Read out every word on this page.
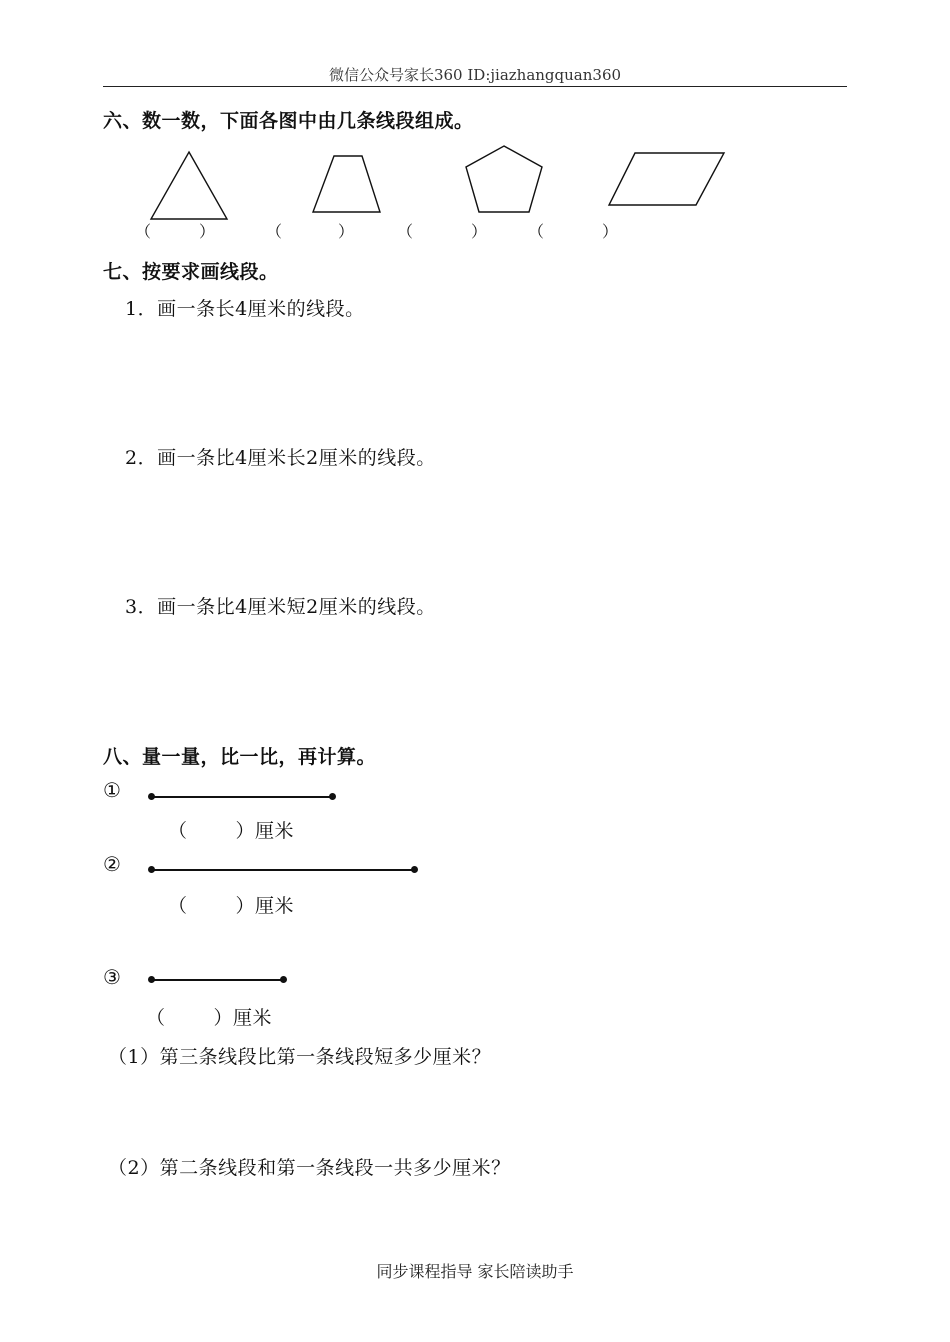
微信公众号家长360 ID:jiazhangquan360
六、数一数，下面各图中由几条线段组成。
（	）	（	）	（	）	（	）
七、按要求画线段。
1．画一条长4厘米的线段。
2．画一条比4厘米长2厘米的线段。
3．画一条比4厘米短2厘米的线段。
八、量一量，比一比，再计算。
①
（	）厘米
②
（	）厘米
③
（	）厘米
（1）第三条线段比第一条线段短多少厘米？
（2）第二条线段和第一条线段一共多少厘米？
同步课程指导 家长陪读助手
